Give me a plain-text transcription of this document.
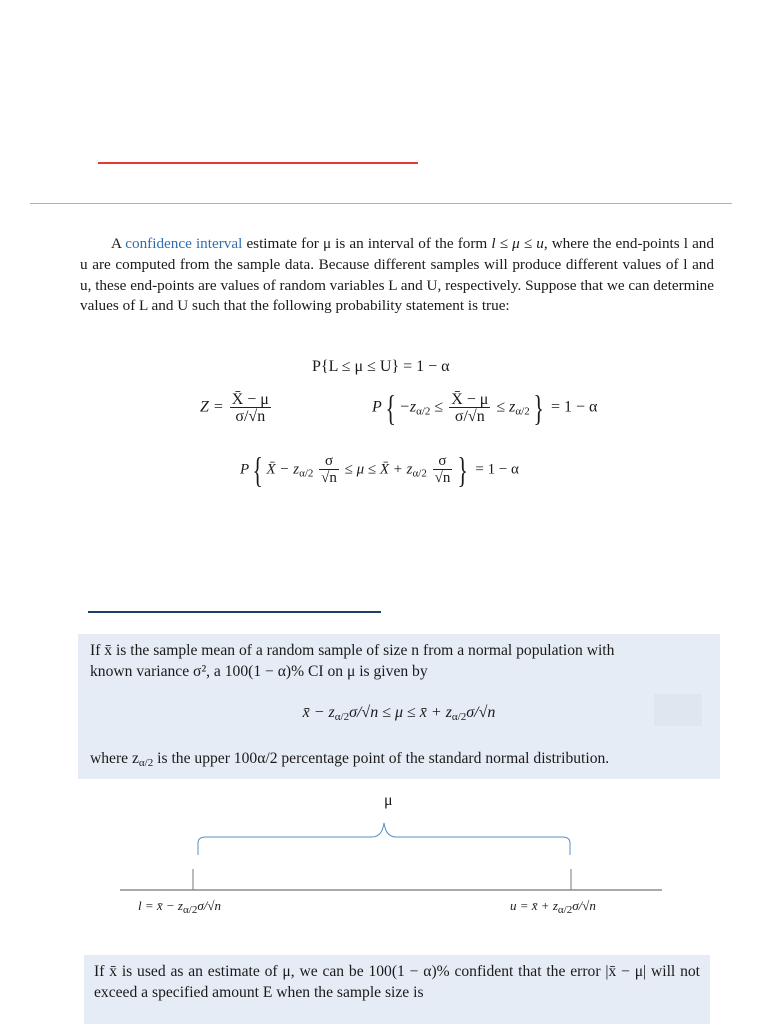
A confidence interval estimate for μ is an interval of the form l ≤ μ ≤ u, where the end-points l and u are computed from the sample data. Because different samples will produce different values of l and u, these end-points are values of random variables L and U, respectively. Suppose that we can determine values of L and U such that the following probability statement is true:
P{L ≤ μ ≤ U} = 1 − α
$Z = \frac{X̄ - \mu}{\sigma/√n}$	$P\{ -z_{\alpha/2} \le \frac{X̄ - \mu}{\sigma/√n} \le z_{\alpha/2}\} = 1 - \alpha$
P{ X̄ − $z_{\alpha/2} \frac{\sigma}{√n} \le \mu$ ≤ X̄ + $z_{\alpha/2} \frac{\sigma}{√n}$ } = 1 − α
If x̄ is the sample mean of a random sample of size n from a normal population with
known variance σ², a 100(1 − α)% CI on μ is given by
x̄ − $z_{\alpha/2}\sigma/√n \le \mu$ ≤ x̄ + $z_{\alpha/2}\sigma/√n$
where $z_{\alpha/2}$ is the upper 100α/2 percentage point of the standard normal distribution.
μ
l = x̄ − $z_{\alpha/2}\sigma/√n$	u = x̄ + $z_{\alpha/2}\sigma/√n$
If x̄ is used as an estimate of μ, we can be 100(1 − α)% confident that the error |x̄ − μ| will not exceed a specified amount E when the sample size is
